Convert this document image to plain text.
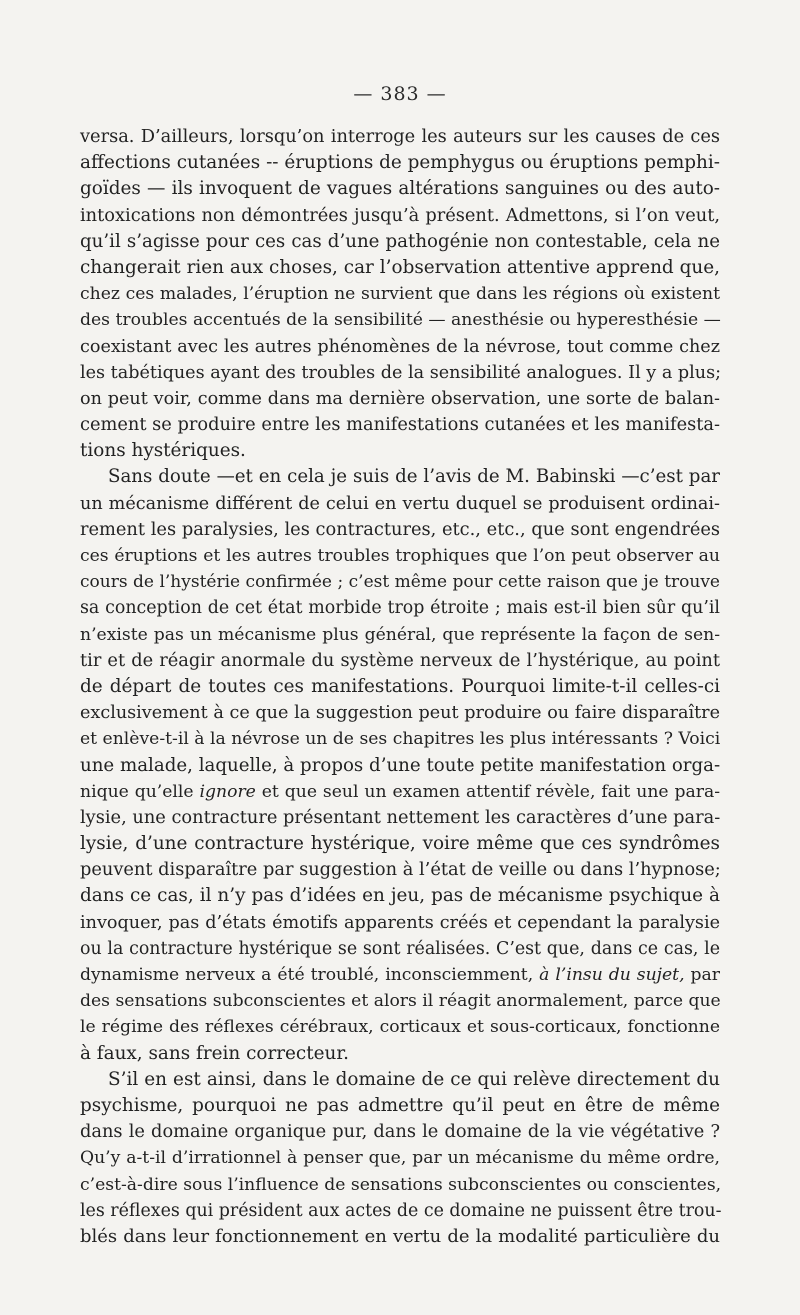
— 383 —
versa. D’ailleurs, lorsqu’on interroge les auteurs sur les causes de ces
affections cutanées -- éruptions de pemphygus ou éruptions pemphi-
goïdes — ils invoquent de vagues altérations sanguines ou des auto-
intoxications non démontrées jusqu’à présent. Admettons, si l’on veut,
qu’il s’agisse pour ces cas d’une pathogénie non contestable, cela ne
changerait rien aux choses, car l’observation attentive apprend que,
chez ces malades, l’éruption ne survient que dans les régions où existent
des troubles accentués de la sensibilité — anesthésie ou hyperesthésie —
coexistant avec les autres phénomènes de la névrose, tout comme chez
les tabétiques ayant des troubles de la sensibilité analogues. Il y a plus;
on peut voir, comme dans ma dernière observation, une sorte de balan-
cement se produire entre les manifestations cutanées et les manifesta-
tions hystériques.
Sans doute —et en cela je suis de l’avis de M. Babinski —c’est par
un mécanisme différent de celui en vertu duquel se produisent ordinai-
rement les paralysies, les contractures, etc., etc., que sont engendrées
ces éruptions et les autres troubles trophiques que l’on peut observer au
cours de l’hystérie confirmée ; c’est même pour cette raison que je trouve
sa conception de cet état morbide trop étroite ; mais est-il bien sûr qu’il
n’existe pas un mécanisme plus général, que représente la façon de sen-
tir et de réagir anormale du système nerveux de l’hystérique, au point
de départ de toutes ces manifestations. Pourquoi limite-t-il celles-ci
exclusivement à ce que la suggestion peut produire ou faire disparaître
et enlève-t-il à la névrose un de ses chapitres les plus intéressants ? Voici
une malade, laquelle, à propos d’une toute petite manifestation orga-
nique qu’elle ignore et que seul un examen attentif révèle, fait une para-
lysie, une contracture présentant nettement les caractères d’une para-
lysie, d’une contracture hystérique, voire même que ces syndrômes
peuvent disparaître par suggestion à l’état de veille ou dans l’hypnose;
dans ce cas, il n’y pas d’idées en jeu, pas de mécanisme psychique à
invoquer, pas d’états émotifs apparents créés et cependant la paralysie
ou la contracture hystérique se sont réalisées. C’est que, dans ce cas, le
dynamisme nerveux a été troublé, inconsciemment, à l’insu du sujet, par
des sensations subconscientes et alors il réagit anormalement, parce que
le régime des réflexes cérébraux, corticaux et sous-corticaux, fonctionne
à faux, sans frein correcteur.
S’il en est ainsi, dans le domaine de ce qui relève directement du
psychisme, pourquoi ne pas admettre qu’il peut en être de même
dans le domaine organique pur, dans le domaine de la vie végétative ?
Qu’y a-t-il d’irrationnel à penser que, par un mécanisme du même ordre,
c’est-à-dire sous l’influence de sensations subconscientes ou conscientes,
les réflexes qui président aux actes de ce domaine ne puissent être trou-
blés dans leur fonctionnement en vertu de la modalité particulière du
